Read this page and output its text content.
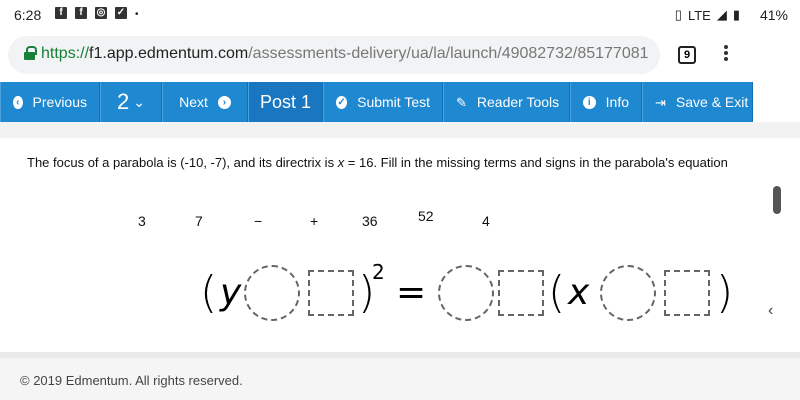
6:28	f	f	◎ ✓ •	▯ LTE ◢ ▮ 41%
https://f1.app.edmentum.com/assessments-delivery/ua/la/launch/49082732/85177081	9
‹ Previous 2 ⌄ Next	›	Post 1	✓ Submit Test ✎ Reader Tools	i	Info ⇥ Save & Exit
The focus of a parabola is (-10, -7), and its directrix is x = 16. Fill in the missing terms and signs in the parabola's equation
3	7	−	+	36	52	4
( y	)
2 =	( x	) ‹
© 2019 Edmentum. All rights reserved.
